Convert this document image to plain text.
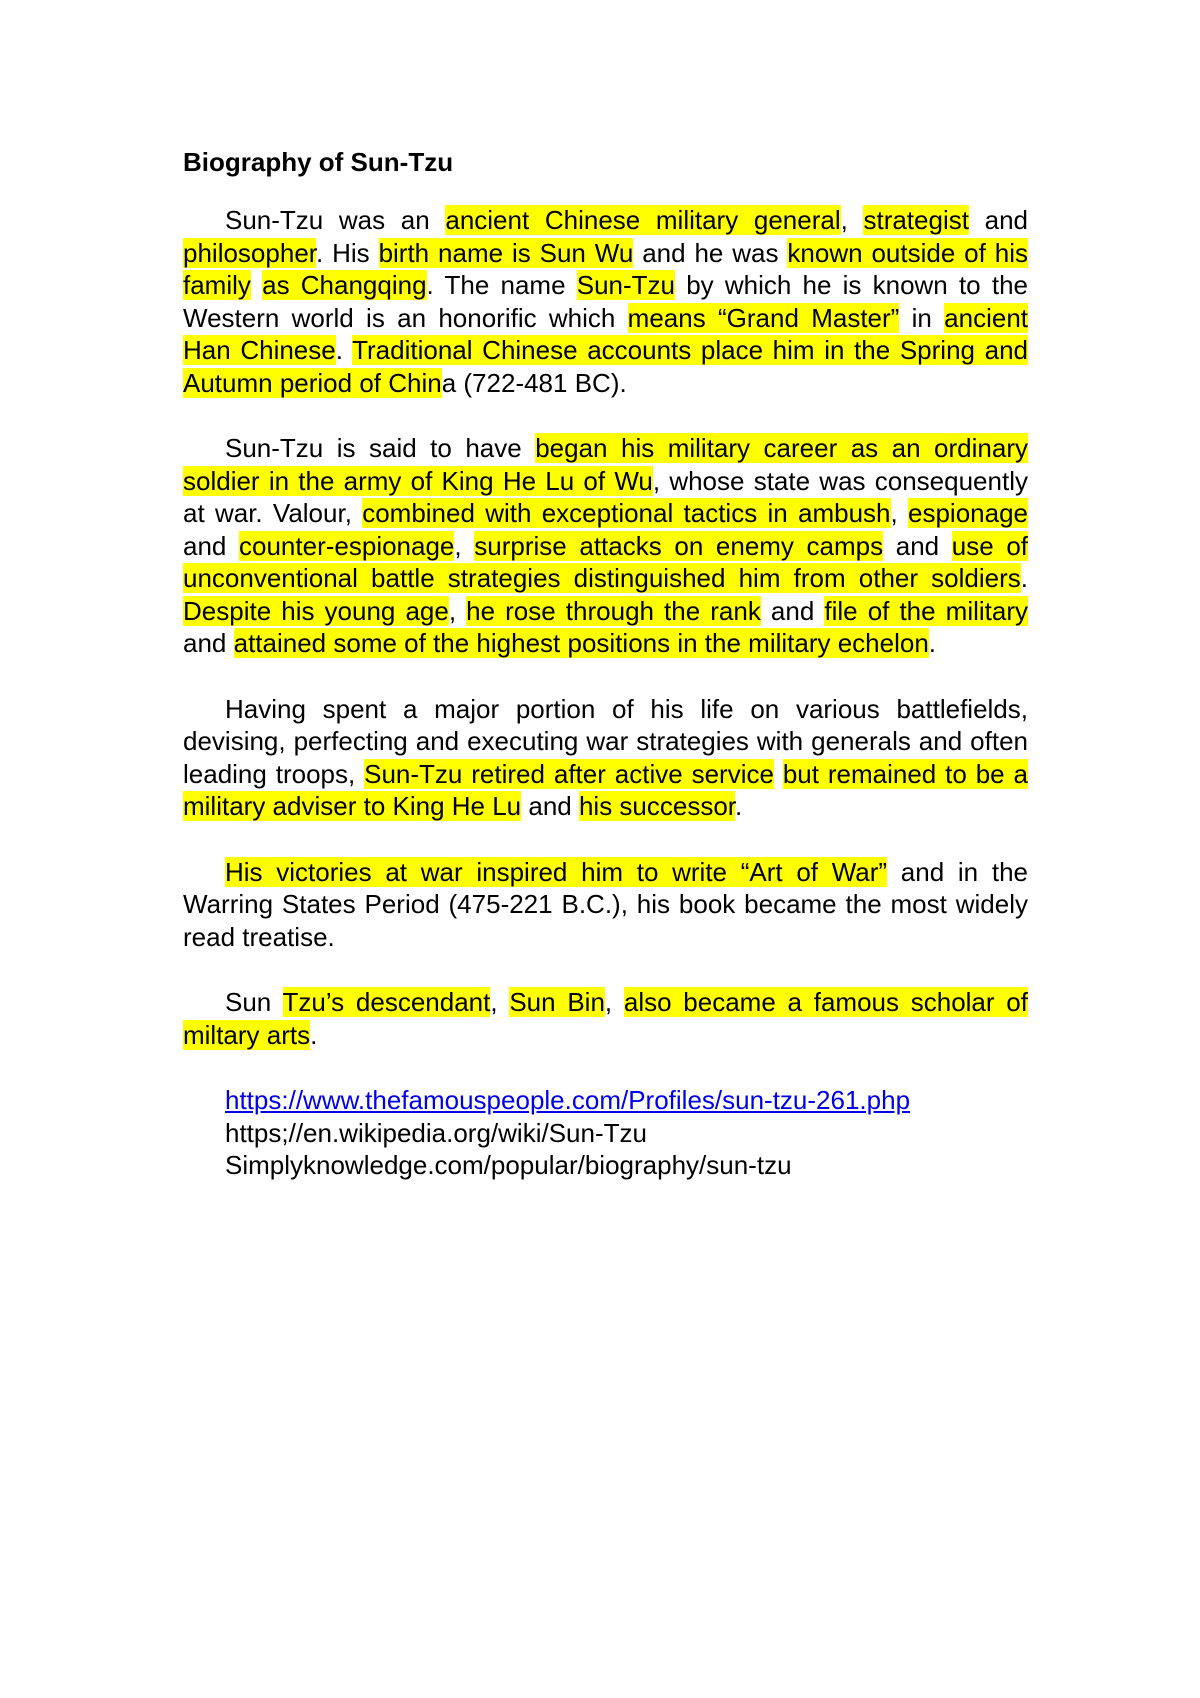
Biography of Sun-Tzu

Sun-Tzu was an ancient Chinese military general, strategist and philosopher. His birth name is Sun Wu and he was known outside of his family as Changqing. The name Sun-Tzu by which he is known to the Western world is an honorific which means “Grand Master” in ancient Han Chinese. Traditional Chinese accounts place him in the Spring and Autumn period of China (722-481 BC).

Sun-Tzu is said to have began his military career as an ordinary soldier in the army of King He Lu of Wu, whose state was consequently at war. Valour, combined with exceptional tactics in ambush, espionage and counter-espionage, surprise attacks on enemy camps and use of unconventional battle strategies distinguished him from other soldiers. Despite his young age, he rose through the rank and file of the military and attained some of the highest positions in the military echelon.

Having spent a major portion of his life on various battlefields, devising, perfecting and executing war strategies with generals and often leading troops, Sun-Tzu retired after active service but remained to be a military adviser to King He Lu and his successor.

His victories at war inspired him to write “Art of War” and in the Warring States Period (475-221 B.C.), his book became the most widely read treatise.

Sun Tzu’s descendant, Sun Bin, also became a famous scholar of miltary arts.

https://www.thefamouspeople.com/Profiles/sun-tzu-261.php
https;//en.wikipedia.org/wiki/Sun-Tzu
Simplyknowledge.com/popular/biography/sun-tzu
